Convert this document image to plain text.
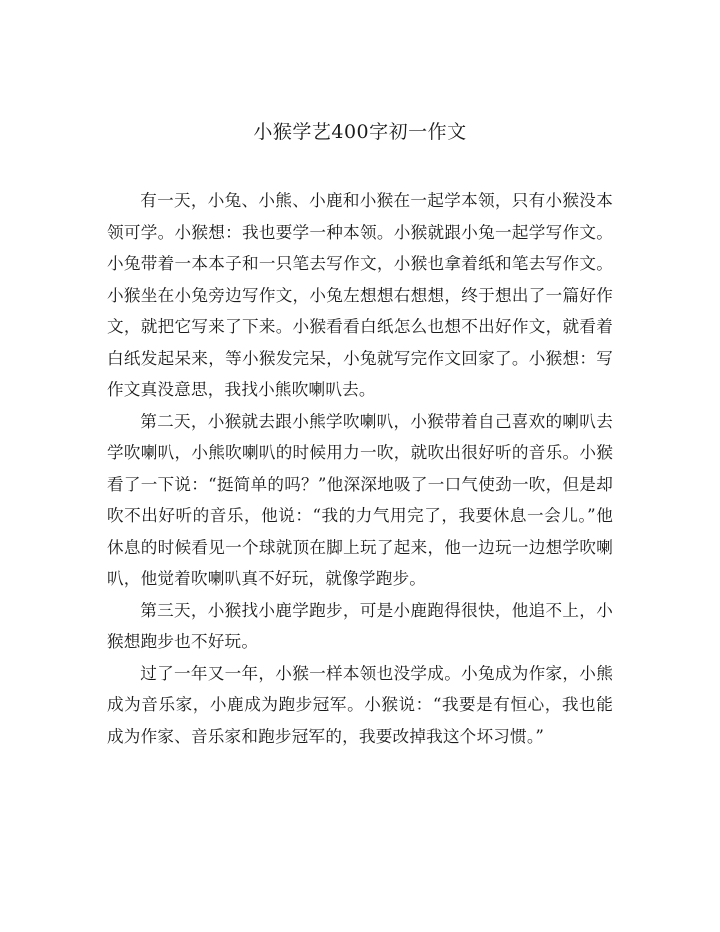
小猴学艺400字初一作文

有一天，小兔、小熊、小鹿和小猴在一起学本领，只有小猴没本领可学。小猴想：我也要学一种本领。小猴就跟小兔一起学写作文。小兔带着一本本子和一只笔去写作文，小猴也拿着纸和笔去写作文。小猴坐在小兔旁边写作文，小兔左想想右想想，终于想出了一篇好作文，就把它写来了下来。小猴看看白纸怎么也想不出好作文，就看着白纸发起呆来，等小猴发完呆，小兔就写完作文回家了。小猴想：写作文真没意思，我找小熊吹喇叭去。

第二天，小猴就去跟小熊学吹喇叭，小猴带着自己喜欢的喇叭去学吹喇叭，小熊吹喇叭的时候用力一吹，就吹出很好听的音乐。小猴看了一下说：“挺简单的吗？”他深深地吸了一口气使劲一吹，但是却吹不出好听的音乐，他说：“我的力气用完了，我要休息一会儿。”他休息的时候看见一个球就顶在脚上玩了起来，他一边玩一边想学吹喇叭，他觉着吹喇叭真不好玩，就像学跑步。

第三天，小猴找小鹿学跑步，可是小鹿跑得很快，他追不上，小猴想跑步也不好玩。

过了一年又一年，小猴一样本领也没学成。小兔成为作家，小熊成为音乐家，小鹿成为跑步冠军。小猴说：“我要是有恒心，我也能成为作家、音乐家和跑步冠军的，我要改掉我这个坏习惯。”
